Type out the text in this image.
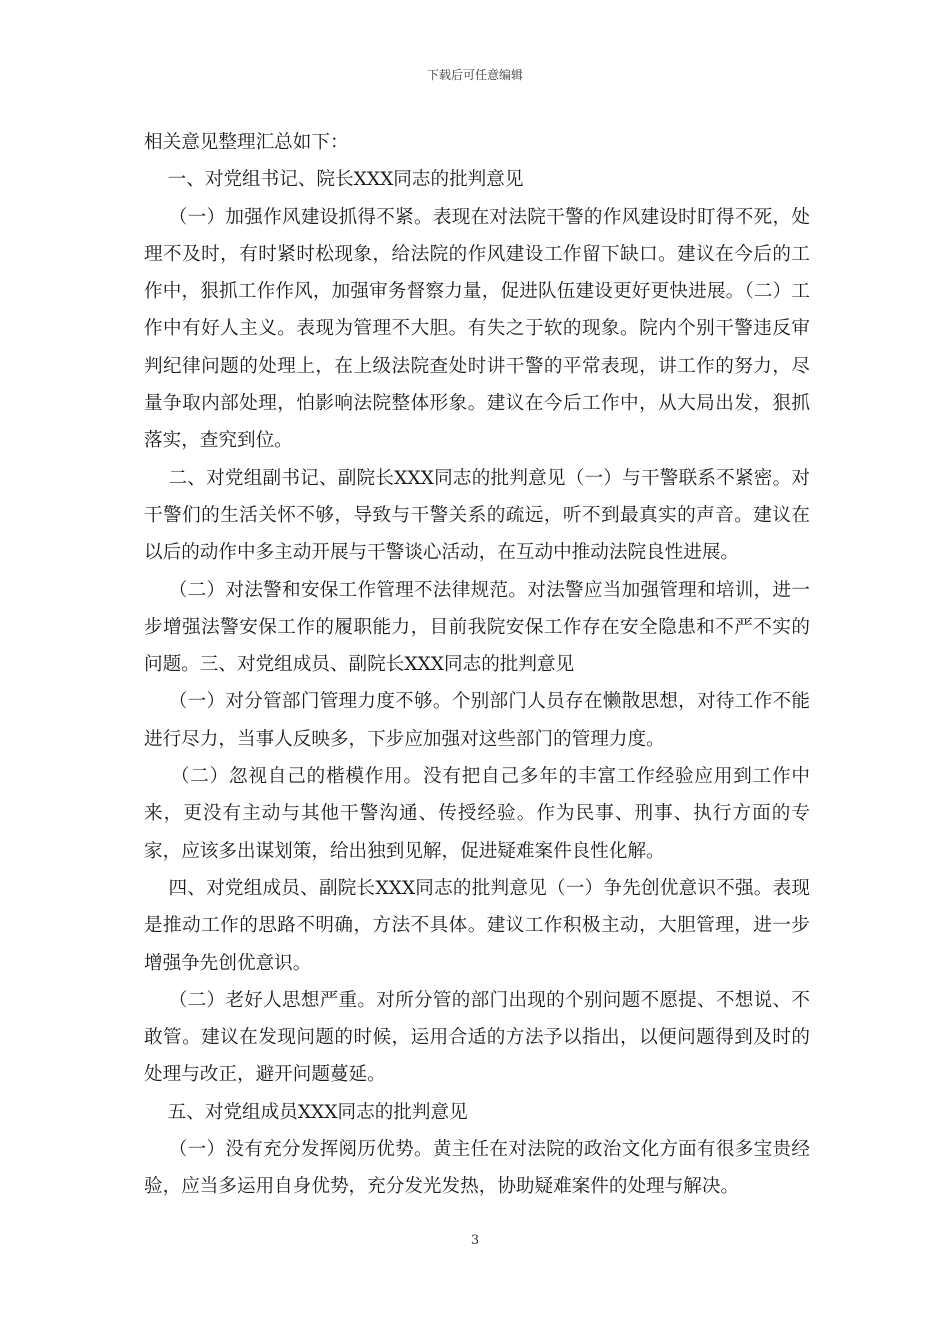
下载后可任意编辑

相关意见整理汇总如下：

一、对党组书记、院长XXX同志的批判意见

（一）加强作风建设抓得不紧。表现在对法院干警的作风建设时盯得不死，处理不及时，有时紧时松现象，给法院的作风建设工作留下缺口。建议在今后的工作中，狠抓工作作风，加强审务督察力量，促进队伍建设更好更快进展。（二）工作中有好人主义。表现为管理不大胆。有失之于软的现象。院内个别干警违反审判纪律问题的处理上，在上级法院查处时讲干警的平常表现，讲工作的努力，尽量争取内部处理，怕影响法院整体形象。建议在今后工作中，从大局出发，狠抓落实，查究到位。

二、对党组副书记、副院长XXX同志的批判意见（一）与干警联系不紧密。对干警们的生活关怀不够，导致与干警关系的疏远，听不到最真实的声音。建议在以后的动作中多主动开展与干警谈心活动，在互动中推动法院良性进展。

（二）对法警和安保工作管理不法律规范。对法警应当加强管理和培训，进一步增强法警安保工作的履职能力，目前我院安保工作存在安全隐患和不严不实的问题。三、对党组成员、副院长XXX同志的批判意见

（一）对分管部门管理力度不够。个别部门人员存在懒散思想，对待工作不能进行尽力，当事人反映多，下步应加强对这些部门的管理力度。

（二）忽视自己的楷模作用。没有把自己多年的丰富工作经验应用到工作中来，更没有主动与其他干警沟通、传授经验。作为民事、刑事、执行方面的专家，应该多出谋划策，给出独到见解，促进疑难案件良性化解。

四、对党组成员、副院长XXX同志的批判意见（一）争先创优意识不强。表现是推动工作的思路不明确，方法不具体。建议工作积极主动，大胆管理，进一步增强争先创优意识。

（二）老好人思想严重。对所分管的部门出现的个别问题不愿提、不想说、不敢管。建议在发现问题的时候，运用合适的方法予以指出，以便问题得到及时的处理与改正，避开问题蔓延。

五、对党组成员XXX同志的批判意见

（一）没有充分发挥阅历优势。黄主任在对法院的政治文化方面有很多宝贵经验，应当多运用自身优势，充分发光发热，协助疑难案件的处理与解决。

3
